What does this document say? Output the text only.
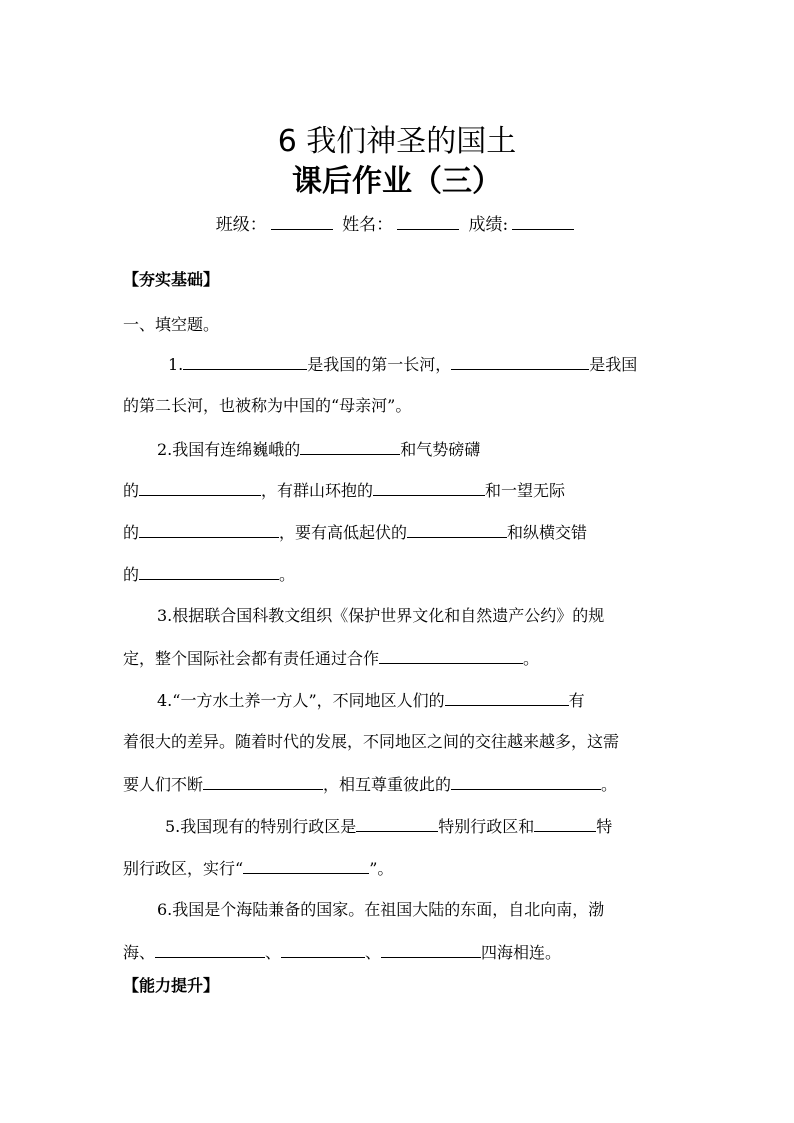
6 我们神圣的国土
课后作业（三）
班级：	姓名：	成绩:
【夯实基础】
一、填空题。
1.	是我国的第一长河，	是我国
的第二长河，也被称为中国的“母亲河”。
2.我国有连绵巍峨的	和气势磅礴
的	，有群山环抱的	和一望无际
的	，要有高低起伏的	和纵横交错
的	。
3.根据联合国科教文组织《保护世界文化和自然遗产公约》的规
定，整个国际社会都有责任通过合作	。
4.“一方水土养一方人”，不同地区人们的	有
着很大的差异。随着时代的发展，不同地区之间的交往越来越多，这需
要人们不断	，相互尊重彼此的	。
5.我国现有的特别行政区是	特别行政区和	特
别行政区，实行“	”。
6.我国是个海陆兼备的国家。在祖国大陆的东面，自北向南，渤
海、	、	、	四海相连。
【能力提升】
